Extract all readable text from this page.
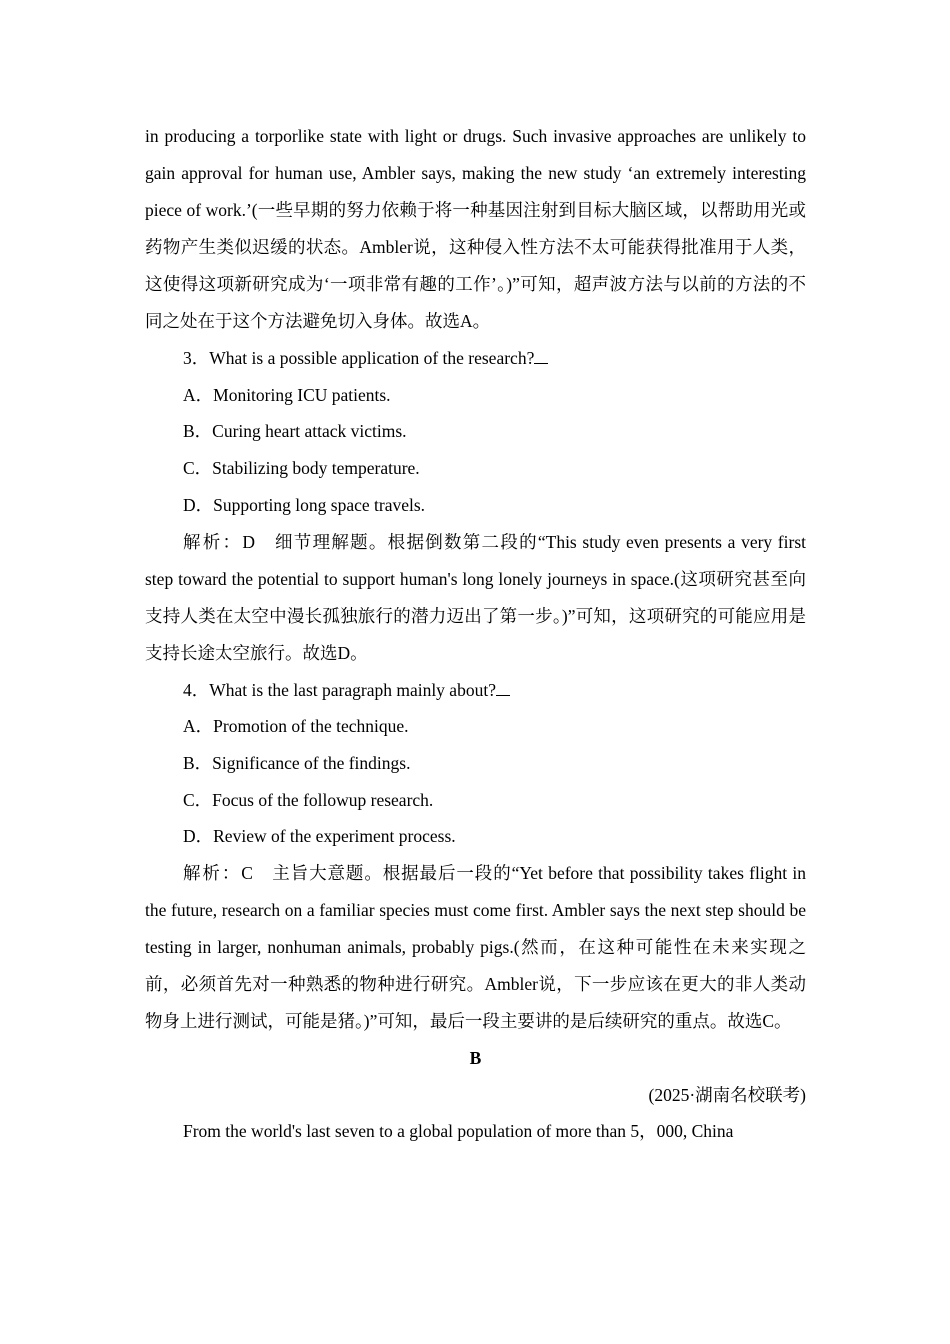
in producing a torporlike state with light or drugs. Such invasive approaches are unlikely to gain approval for human use, Ambler says, making the new study ‘an extremely interesting piece of work.’(一些早期的努力依赖于将一种基因注射到目标大脑区域，以帮助用光或药物产生类似迟缓的状态。Ambler说，这种侵入性方法不太可能获得批准用于人类，这使得这项新研究成为‘一项非常有趣的工作’。)”可知，超声波方法与以前的方法的不同之处在于这个方法避免切入身体。故选A。

3．What is a possible application of the research?

A．Monitoring ICU patients.

B．Curing heart attack victims.

C．Stabilizing body temperature.

D．Supporting long space travels.

解析：D　细节理解题。根据倒数第二段的“This study even presents a very first step toward the potential to support human's long lonely journeys in space.(这项研究甚至向支持人类在太空中漫长孤独旅行的潜力迈出了第一步。)”可知，这项研究的可能应用是支持长途太空旅行。故选D。

4．What is the last paragraph mainly about?

A．Promotion of the technique.

B．Significance of the findings.

C．Focus of the followup research.

D．Review of the experiment process.

解析：C　主旨大意题。根据最后一段的“Yet before that possibility takes flight in the future, research on a familiar species must come first. Ambler says the next step should be testing in larger, nonhuman animals, probably pigs.(然而，在这种可能性在未来实现之前，必须首先对一种熟悉的物种进行研究。Ambler说，下一步应该在更大的非人类动物身上进行测试，可能是猪。)”可知，最后一段主要讲的是后续研究的重点。故选C。

B

(2025·湖南名校联考)

From the world's last seven to a global population of more than 5，000, China
